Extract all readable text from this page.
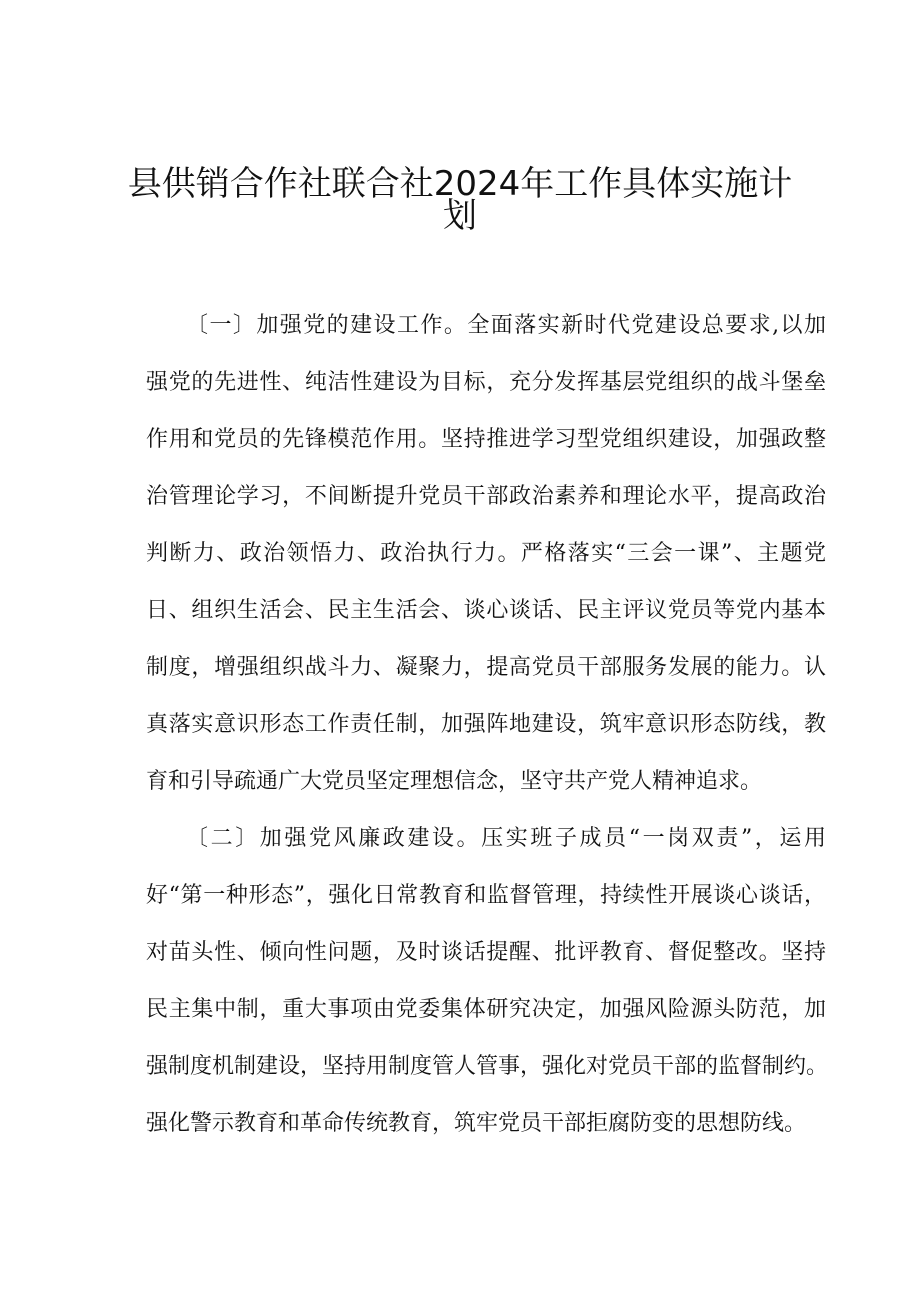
县供销合作社联合社2024年工作具体实施计
划

〔一〕加强党的建设工作。全面落实新时代党建设总要求,以加

强党的先进性、纯洁性建设为目标，充分发挥基层党组织的战斗堡垒

作用和党员的先锋模范作用。坚持推进学习型党组织建设，加强政整

治管理论学习，不间断提升党员干部政治素养和理论水平，提高政治

判断力、政治领悟力、政治执行力。严格落实“三会一课”、主题党

日、组织生活会、民主生活会、谈心谈话、民主评议党员等党内基本

制度，增强组织战斗力、凝聚力，提高党员干部服务发展的能力。认

真落实意识形态工作责任制，加强阵地建设，筑牢意识形态防线，教

育和引导疏通广大党员坚定理想信念，坚守共产党人精神追求。

〔二〕加强党风廉政建设。压实班子成员“一岗双责”，运用

好“第一种形态”，强化日常教育和监督管理，持续性开展谈心谈话，

对苗头性、倾向性问题，及时谈话提醒、批评教育、督促整改。坚持

民主集中制，重大事项由党委集体研究决定，加强风险源头防范，加

强制度机制建设，坚持用制度管人管事，强化对党员干部的监督制约。

强化警示教育和革命传统教育，筑牢党员干部拒腐防变的思想防线。
